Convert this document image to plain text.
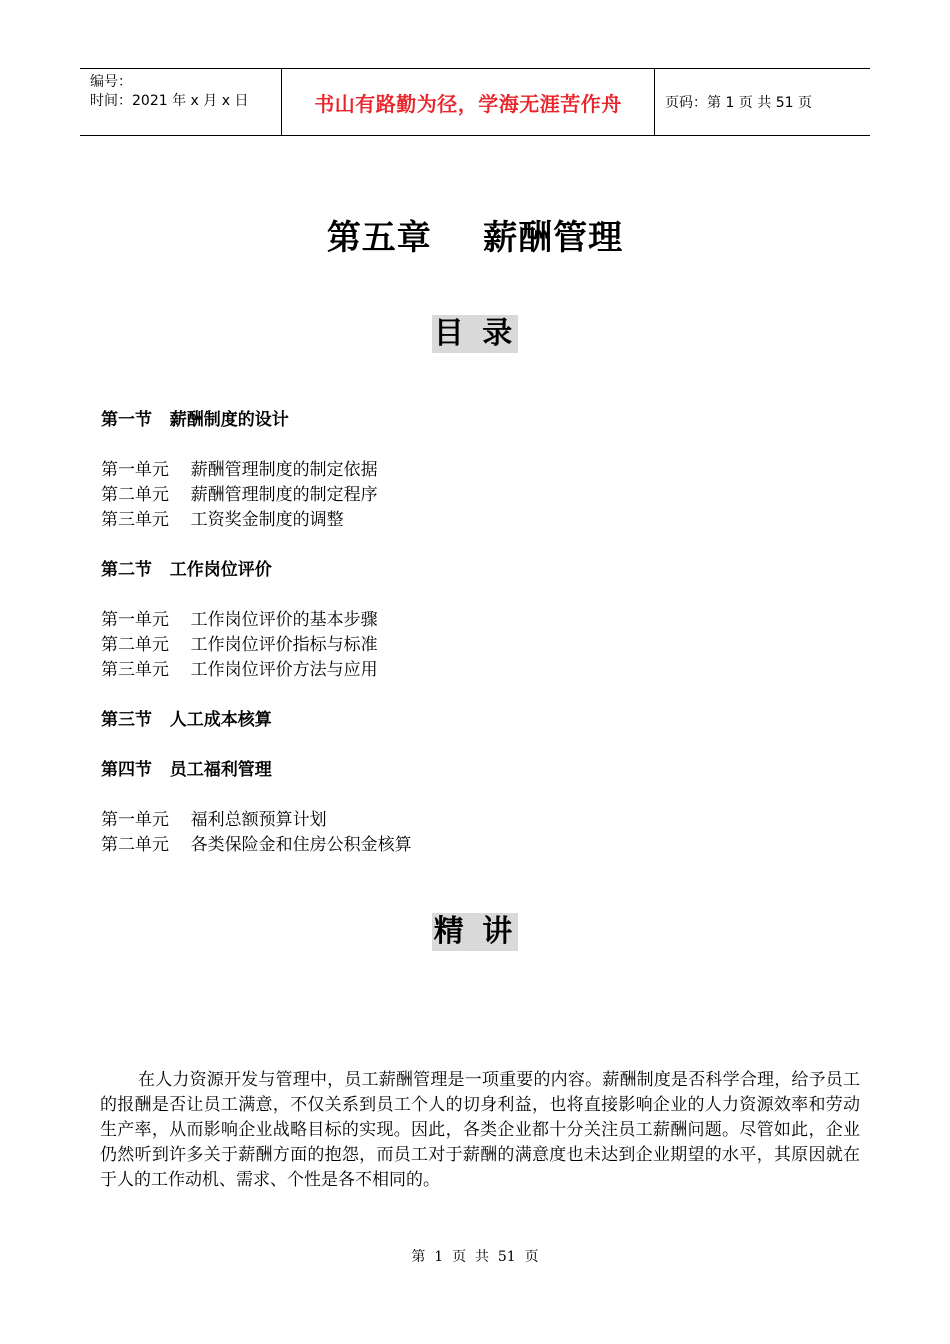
编号：
时间：2021 年 x 月 x 日	书山有路勤为径，学海无涯苦作舟	页码：第 1 页 共 51 页
第五章    薪酬管理
目 录
第一节   薪酬制度的设计
第一单元    薪酬管理制度的制定依据
第二单元    薪酬管理制度的制定程序
第三单元    工资奖金制度的调整
第二节   工作岗位评价
第一单元    工作岗位评价的基本步骤
第二单元    工作岗位评价指标与标准
第三单元    工作岗位评价方法与应用
第三节   人工成本核算
第四节   员工福利管理
第一单元    福利总额预算计划
第二单元    各类保险金和住房公积金核算
精 讲
在人力资源开发与管理中，员工薪酬管理是一项重要的内容。薪酬制度是否科学合理，给予员工的报酬是否让员工满意，不仅关系到员工个人的切身利益，也将直接影响企业的人力资源效率和劳动生产率，从而影响企业战略目标的实现。因此，各类企业都十分关注员工薪酬问题。尽管如此，企业仍然听到许多关于薪酬方面的抱怨，而员工对于薪酬的满意度也未达到企业期望的水平，其原因就在于人的工作动机、需求、个性是各不相同的。
第  1  页  共  51  页
